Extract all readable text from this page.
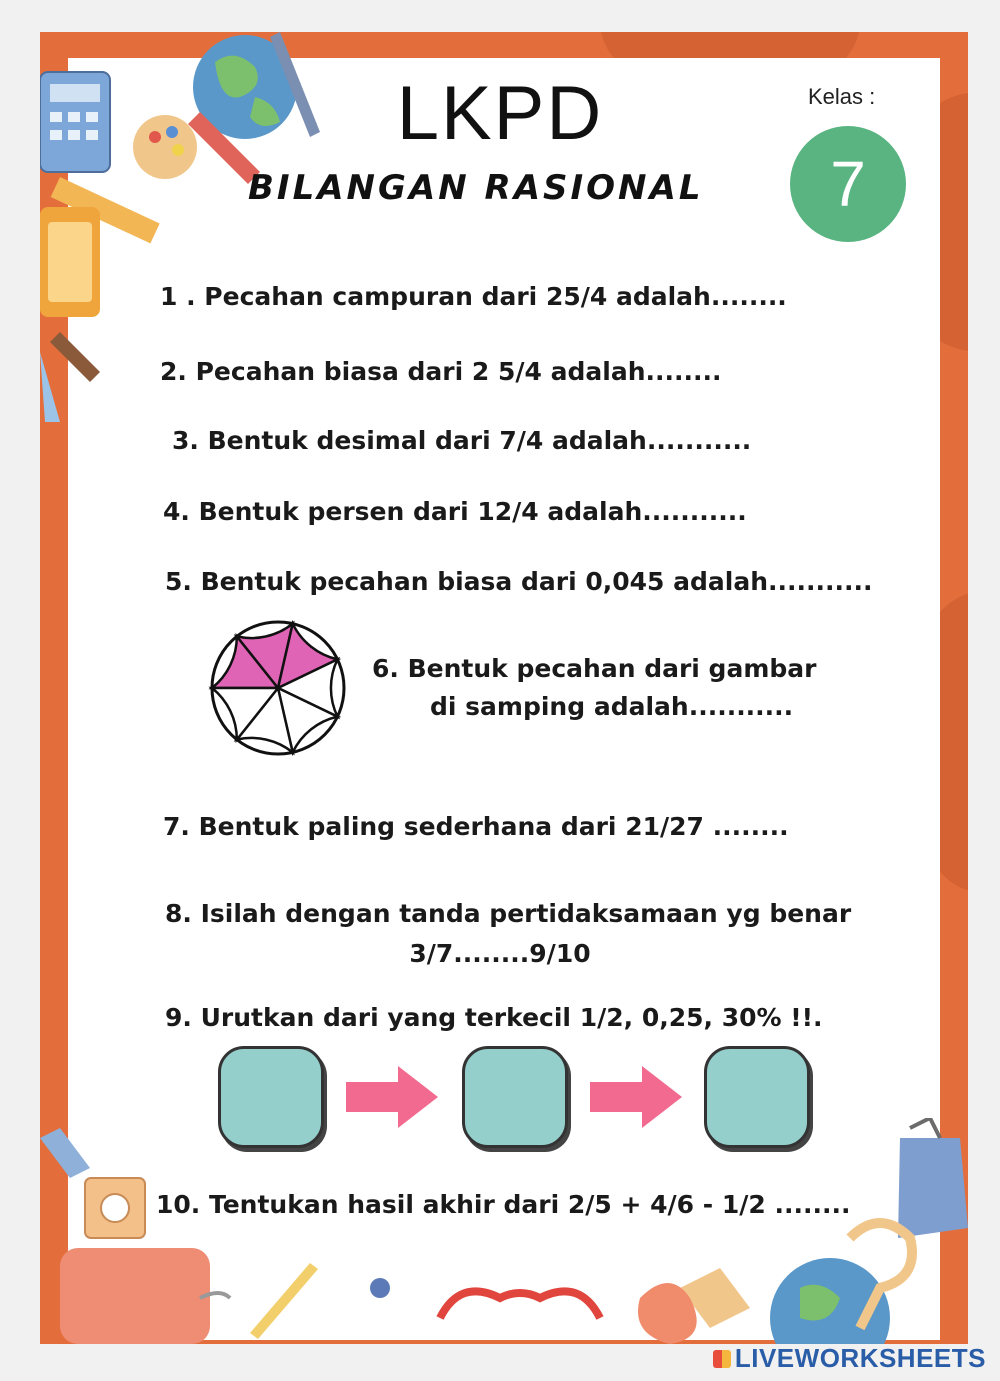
LKPD
BILANGAN RASIONAL
Kelas :
7
1 . Pecahan campuran dari 25/4 adalah........
2. Pecahan biasa dari 2 5/4 adalah........
3. Bentuk desimal dari 7/4 adalah...........
4. Bentuk persen dari 12/4 adalah...........
5. Bentuk pecahan biasa dari 0,045 adalah...........
6. Bentuk pecahan dari gambar
di samping adalah...........
7. Bentuk paling sederhana dari 21/27 ........
8. Isilah dengan tanda pertidaksamaan yg benar
3/7........9/10
9. Urutkan dari yang terkecil 1/2, 0,25, 30% !!.
10. Tentukan hasil akhir dari 2/5 + 4/6 - 1/2 ........
LIVEWORKSHEETS
